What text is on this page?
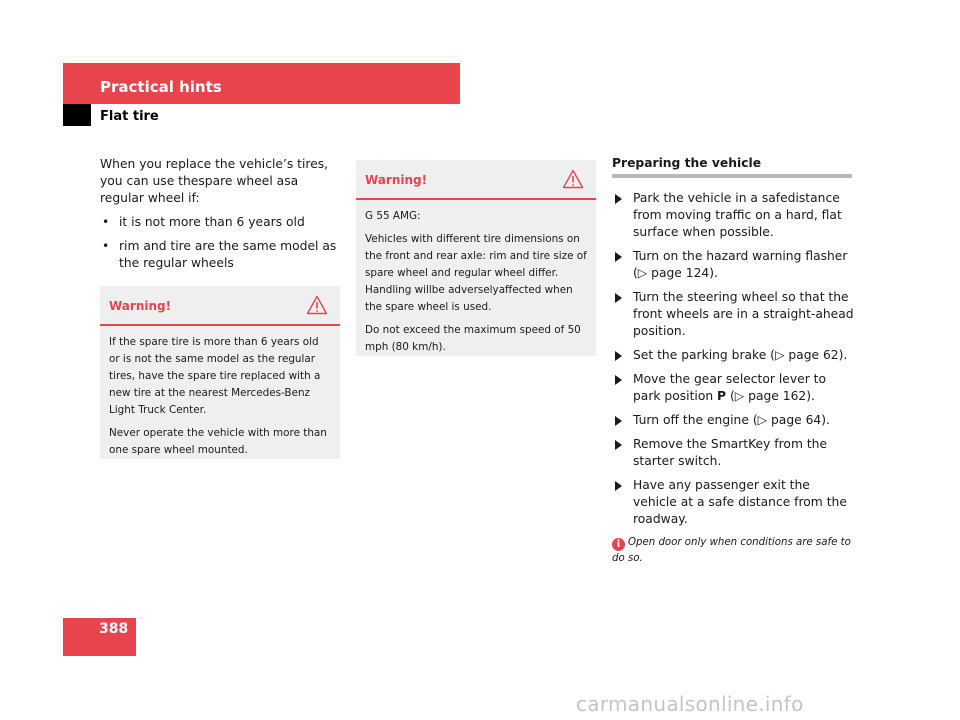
Practical hints
Flat tire

When you replace the vehicle’s tires, you can use thespare wheel asa regular wheel if:

• it is not more than 6 years old
• rim and tire are the same model as the regular wheels
Warning!

If the spare tire is more than 6 years old or is not the same model as the regular tires, have the spare tire replaced with a new tire at the nearest Mercedes-Benz Light Truck Center.

Never operate the vehicle with more than one spare wheel mounted.

Warning!

G 55 AMG:

Vehicles with different tire dimensions on the front and rear axle: rim and tire size of spare wheel and regular wheel differ. Handling willbe adverselyaffected when the spare wheel is used.

Do not exceed the maximum speed of 50 mph (80 km/h).

Preparing the vehicle
Park the vehicle in a safedistance from moving traffic on a hard, flat surface when possible.
Turn on the hazard warning flasher (▷ page 124).
Turn the steering wheel so that the front wheels are in a straight-ahead position.
Set the parking brake (▷ page 62).
Move the gear selector lever to park position P (▷ page 162).
Turn off the engine (▷ page 64).
Remove the SmartKey from the starter switch.
Have any passenger exit the vehicle at a safe distance from the roadway.
i Open door only when conditions are safe to do so.
388
carmanualsonline.info
